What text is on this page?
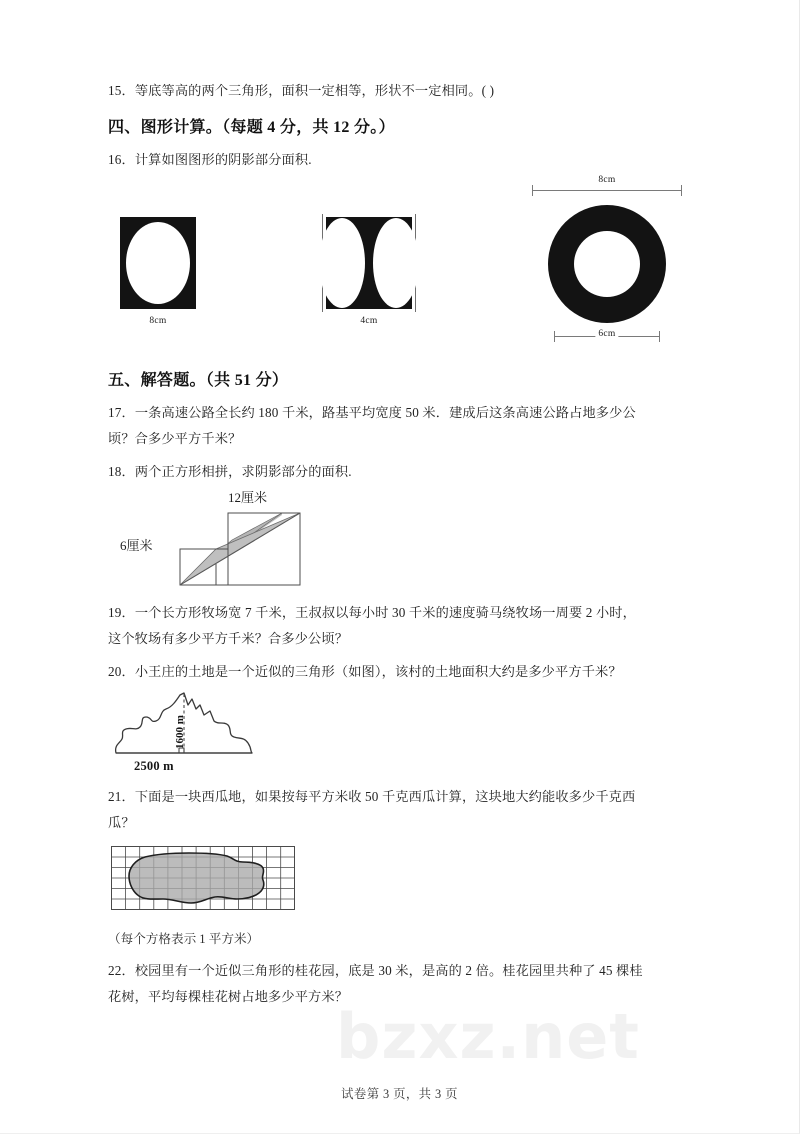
15．等底等高的两个三角形，面积一定相等，形状不一定相同。( )
四、图形计算。（每题 4 分，共 12 分。）
16．计算如图图形的阴影部分面积.
8cm	4cm
8cm
6cm
五、解答题。（共 51 分）
17．一条高速公路全长约 180 千米，路基平均宽度 50 米．建成后这条高速公路占地多少公
顷？合多少平方千米？
18．两个正方形相拼，求阴影部分的面积.
6厘米
12厘米
19．一个长方形牧场宽 7 千米，王叔叔以每小时 30 千米的速度骑马绕牧场一周要 2 小时，
这个牧场有多少平方千米？合多少公顷？
20．小王庄的土地是一个近似的三角形（如图），该村的土地面积大约是多少平方千米？
1600 m
2500 m
21．下面是一块西瓜地，如果按每平方米收 50 千克西瓜计算，这块地大约能收多少千克西
瓜？
（每个方格表示 1 平方米）
22．校园里有一个近似三角形的桂花园，底是 30 米，是高的 2 倍。桂花园里共种了 45 棵桂
花树，平均每棵桂花树占地多少平方米？
bzxz.net
试卷第 3 页，共 3 页
